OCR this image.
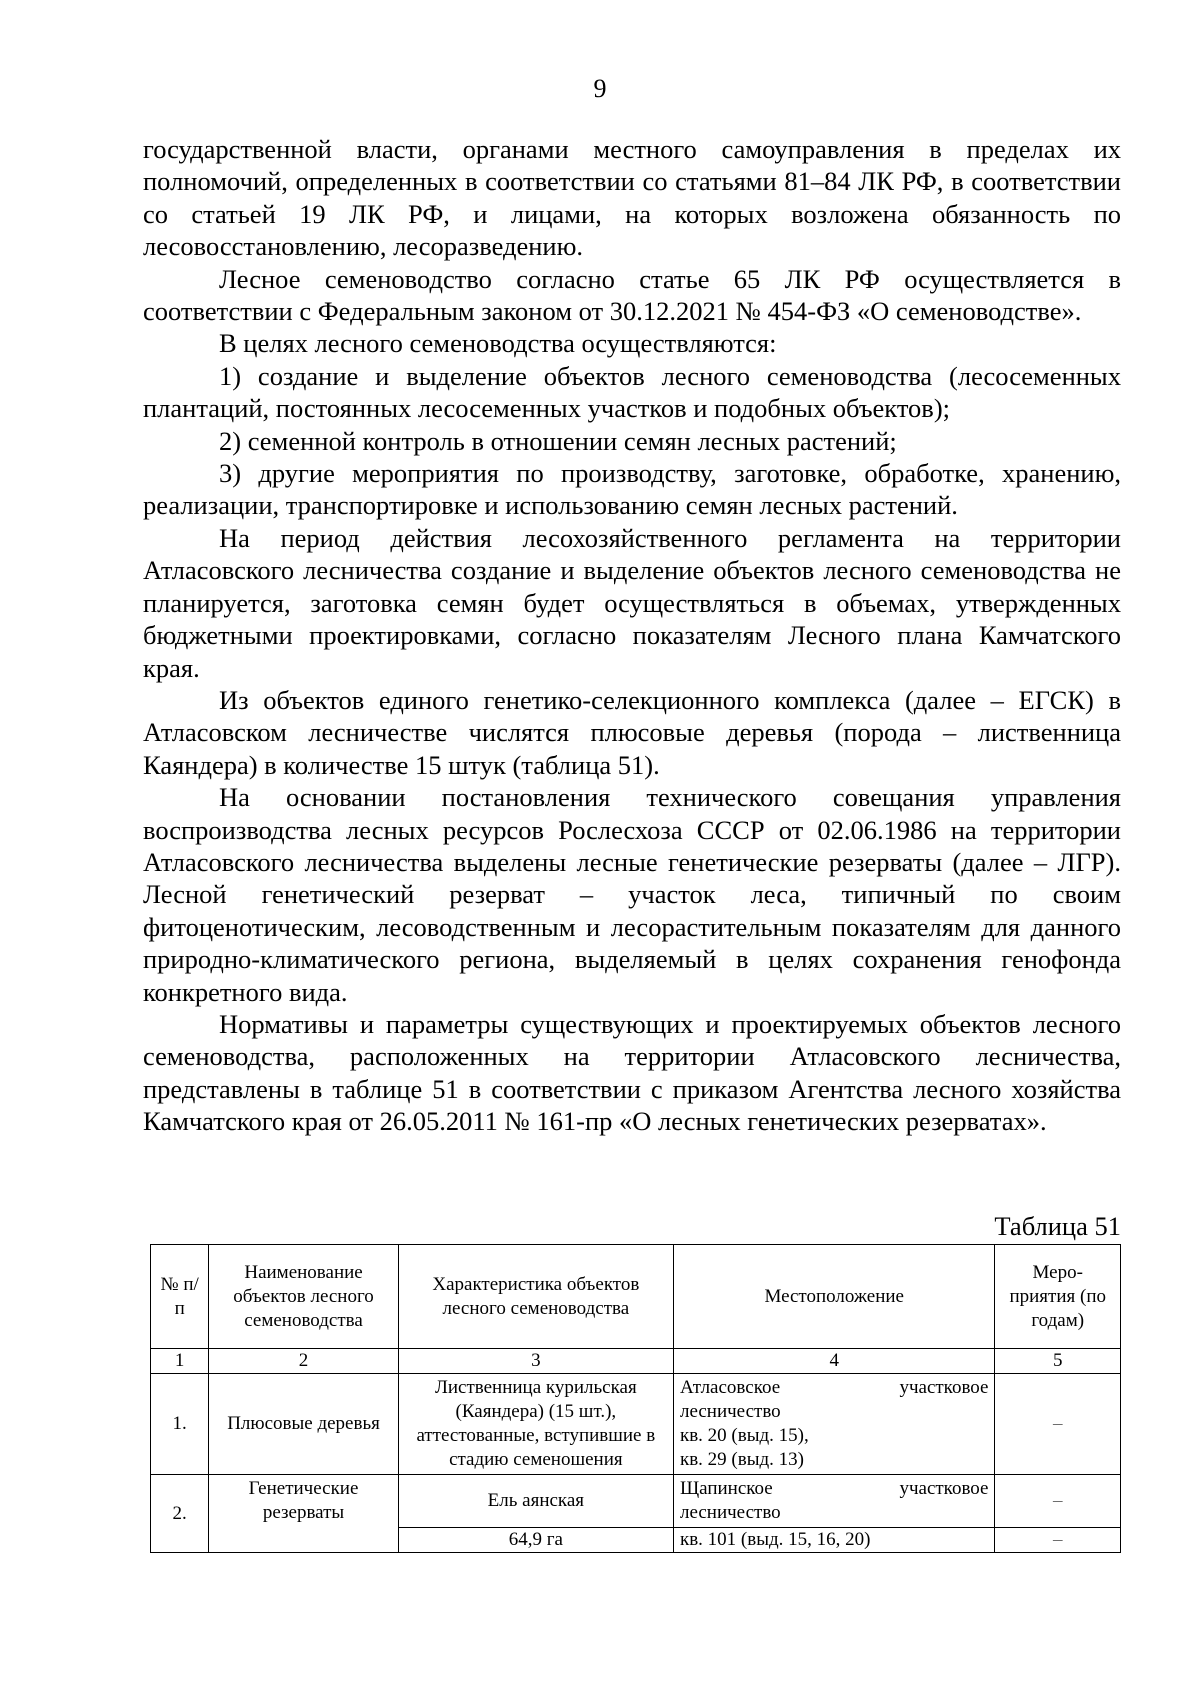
9

государственной власти, органами местного самоуправления в пределах их полномочий, определенных в соответствии со статьями 81–84 ЛК РФ, в соответствии со статьей 19 ЛК РФ, и лицами, на которых возложена обязанность по лесовосстановлению, лесоразведению.

Лесное семеноводство согласно статье 65 ЛК РФ осуществляется в соответствии с Федеральным законом от 30.12.2021 № 454-ФЗ «О семеноводстве».

В целях лесного семеноводства осуществляются:

1) создание и выделение объектов лесного семеноводства (лесосеменных плантаций, постоянных лесосеменных участков и подобных объектов);

2) семенной контроль в отношении семян лесных растений;

3) другие мероприятия по производству, заготовке, обработке, хранению, реализации, транспортировке и использованию семян лесных растений.

На период действия лесохозяйственного регламента на территории Атласовского лесничества создание и выделение объектов лесного семеноводства не планируется, заготовка семян будет осуществляться в объемах, утвержденных бюджетными проектировками, согласно показателям Лесного плана Камчатского края.

Из объектов единого генетико-селекционного комплекса (далее – ЕГСК) в Атласовском лесничестве числятся плюсовые деревья (порода – лиственница Каяндера) в количестве 15 штук (таблица 51).

На основании постановления технического совещания управления воспроизводства лесных ресурсов Рослесхоза СССР от 02.06.1986 на территории Атласовского лесничества выделены лесные генетические резерваты (далее – ЛГР). Лесной генетический резерват – участок леса, типичный по своим фитоценотическим, лесоводственным и лесорастительным показателям для данного природно-климатического региона, выделяемый в целях сохранения генофонда конкретного вида.

Нормативы и параметры существующих и проектируемых объектов лесного семеноводства, расположенных на территории Атласовского лесничества, представлены в таблице 51 в соответствии с приказом Агентства лесного хозяйства Камчатского края от 26.05.2011 № 161-пр «О лесных генетических резерватах».

Таблица 51
№ п/п	Наименование объектов лесного семеноводства	Характеристика объектов лесного семеноводства	Местоположение	Меро-приятия (по годам)
1	2	3	4	5
1.	Плюсовые деревья	Лиственница курильская (Каяндера) (15 шт.), аттестованные, вступившие в стадию семеношения	Атласовское участковое
лесничество
кв. 20 (выд. 15),
кв. 29 (выд. 13)	–
2.	Генетические резерваты	Ель аянская	Щапинское участковое
лесничество	–
		64,9 га	кв. 101 (выд. 15, 16, 20)	–
